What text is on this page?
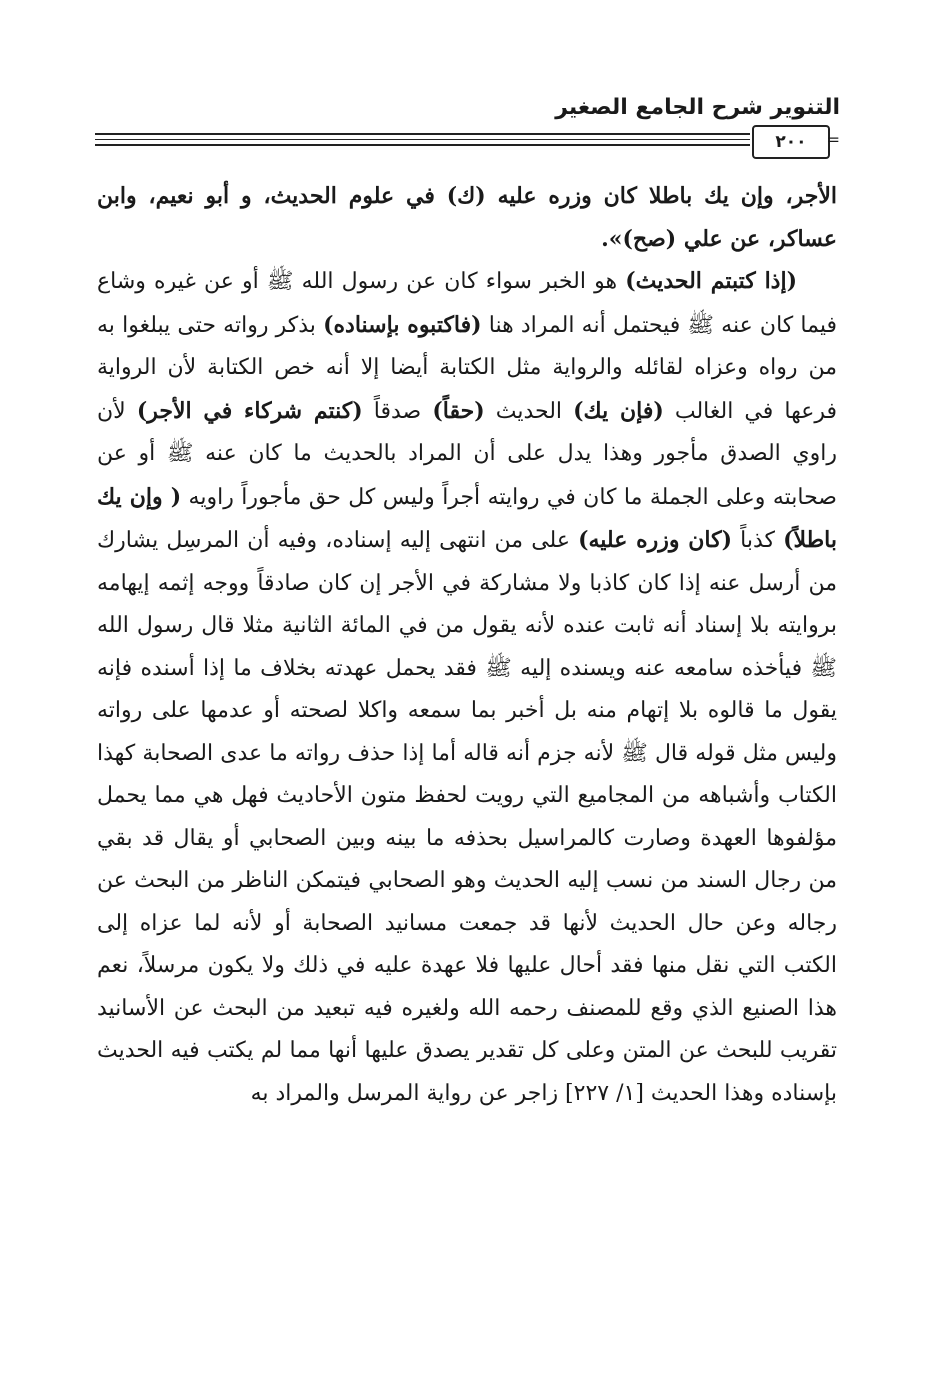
التنوير شرح الجامع الصغير
٢٠٠	=

الأجر، وإن يك باطلا كان وزره عليه (ك) في علوم الحديث، و أبو نعيم، وابن عساكر، عن علي (صح)».

(إذا كتبتم الحديث) هو الخبر سواء كان عن رسول الله ﷺ أو عن غيره وشاع فيما كان عنه ﷺ فيحتمل أنه المراد هنا (فاكتبوه بإسناده) بذكر رواته حتى يبلغوا به من رواه وعزاه لقائله والرواية مثل الكتابة أيضا إلا أنه خص الكتابة لأن الرواية فرعها في الغالب (فإن يك) الحديث (حقاً) صدقاً (كنتم شركاء في الأجر) لأن راوي الصدق مأجور وهذا يدل على أن المراد بالحديث ما كان عنه ﷺ أو عن صحابته وعلى الجملة ما كان في روايته أجراً وليس كل حق مأجوراً راويه ( وإن يك باطلاً) كذباً (كان وزره عليه) على من انتهى إليه إسناده، وفيه أن المرسِل يشارك من أرسل عنه إذا كان كاذبا ولا مشاركة في الأجر إن كان صادقاً ووجه إثمه إيهامه بروايته بلا إسناد أنه ثابت عنده لأنه يقول من في المائة الثانية مثلا قال رسول الله ﷺ فيأخذه سامعه عنه ويسنده إليه ﷺ فقد يحمل عهدته بخلاف ما إذا أسنده فإنه يقول ما قالوه بلا إتهام منه بل أخبر بما سمعه واكلا لصحته أو عدمها على رواته وليس مثل قوله قال ﷺ لأنه جزم أنه قاله أما إذا حذف رواته ما عدى الصحابة كهذا الكتاب وأشباهه من المجاميع التي رويت لحفظ متون الأحاديث فهل هي مما يحمل مؤلفوها العهدة وصارت كالمراسيل بحذفه ما بينه وبين الصحابي أو يقال قد بقي من رجال السند من نسب إليه الحديث وهو الصحابي فيتمكن الناظر من البحث عن رجاله وعن حال الحديث لأنها قد جمعت مسانيد الصحابة أو لأنه لما عزاه إلى الكتب التي نقل منها فقد أحال عليها فلا عهدة عليه في ذلك ولا يكون مرسلاً، نعم هذا الصنيع الذي وقع للمصنف رحمه الله ولغيره فيه تبعيد من البحث عن الأسانيد تقريب للبحث عن المتن وعلى كل تقدير يصدق عليها أنها مما لم يكتب فيه الحديث بإسناده وهذا الحديث [١/ ٢٢٧] زاجر عن رواية المرسل والمراد به
